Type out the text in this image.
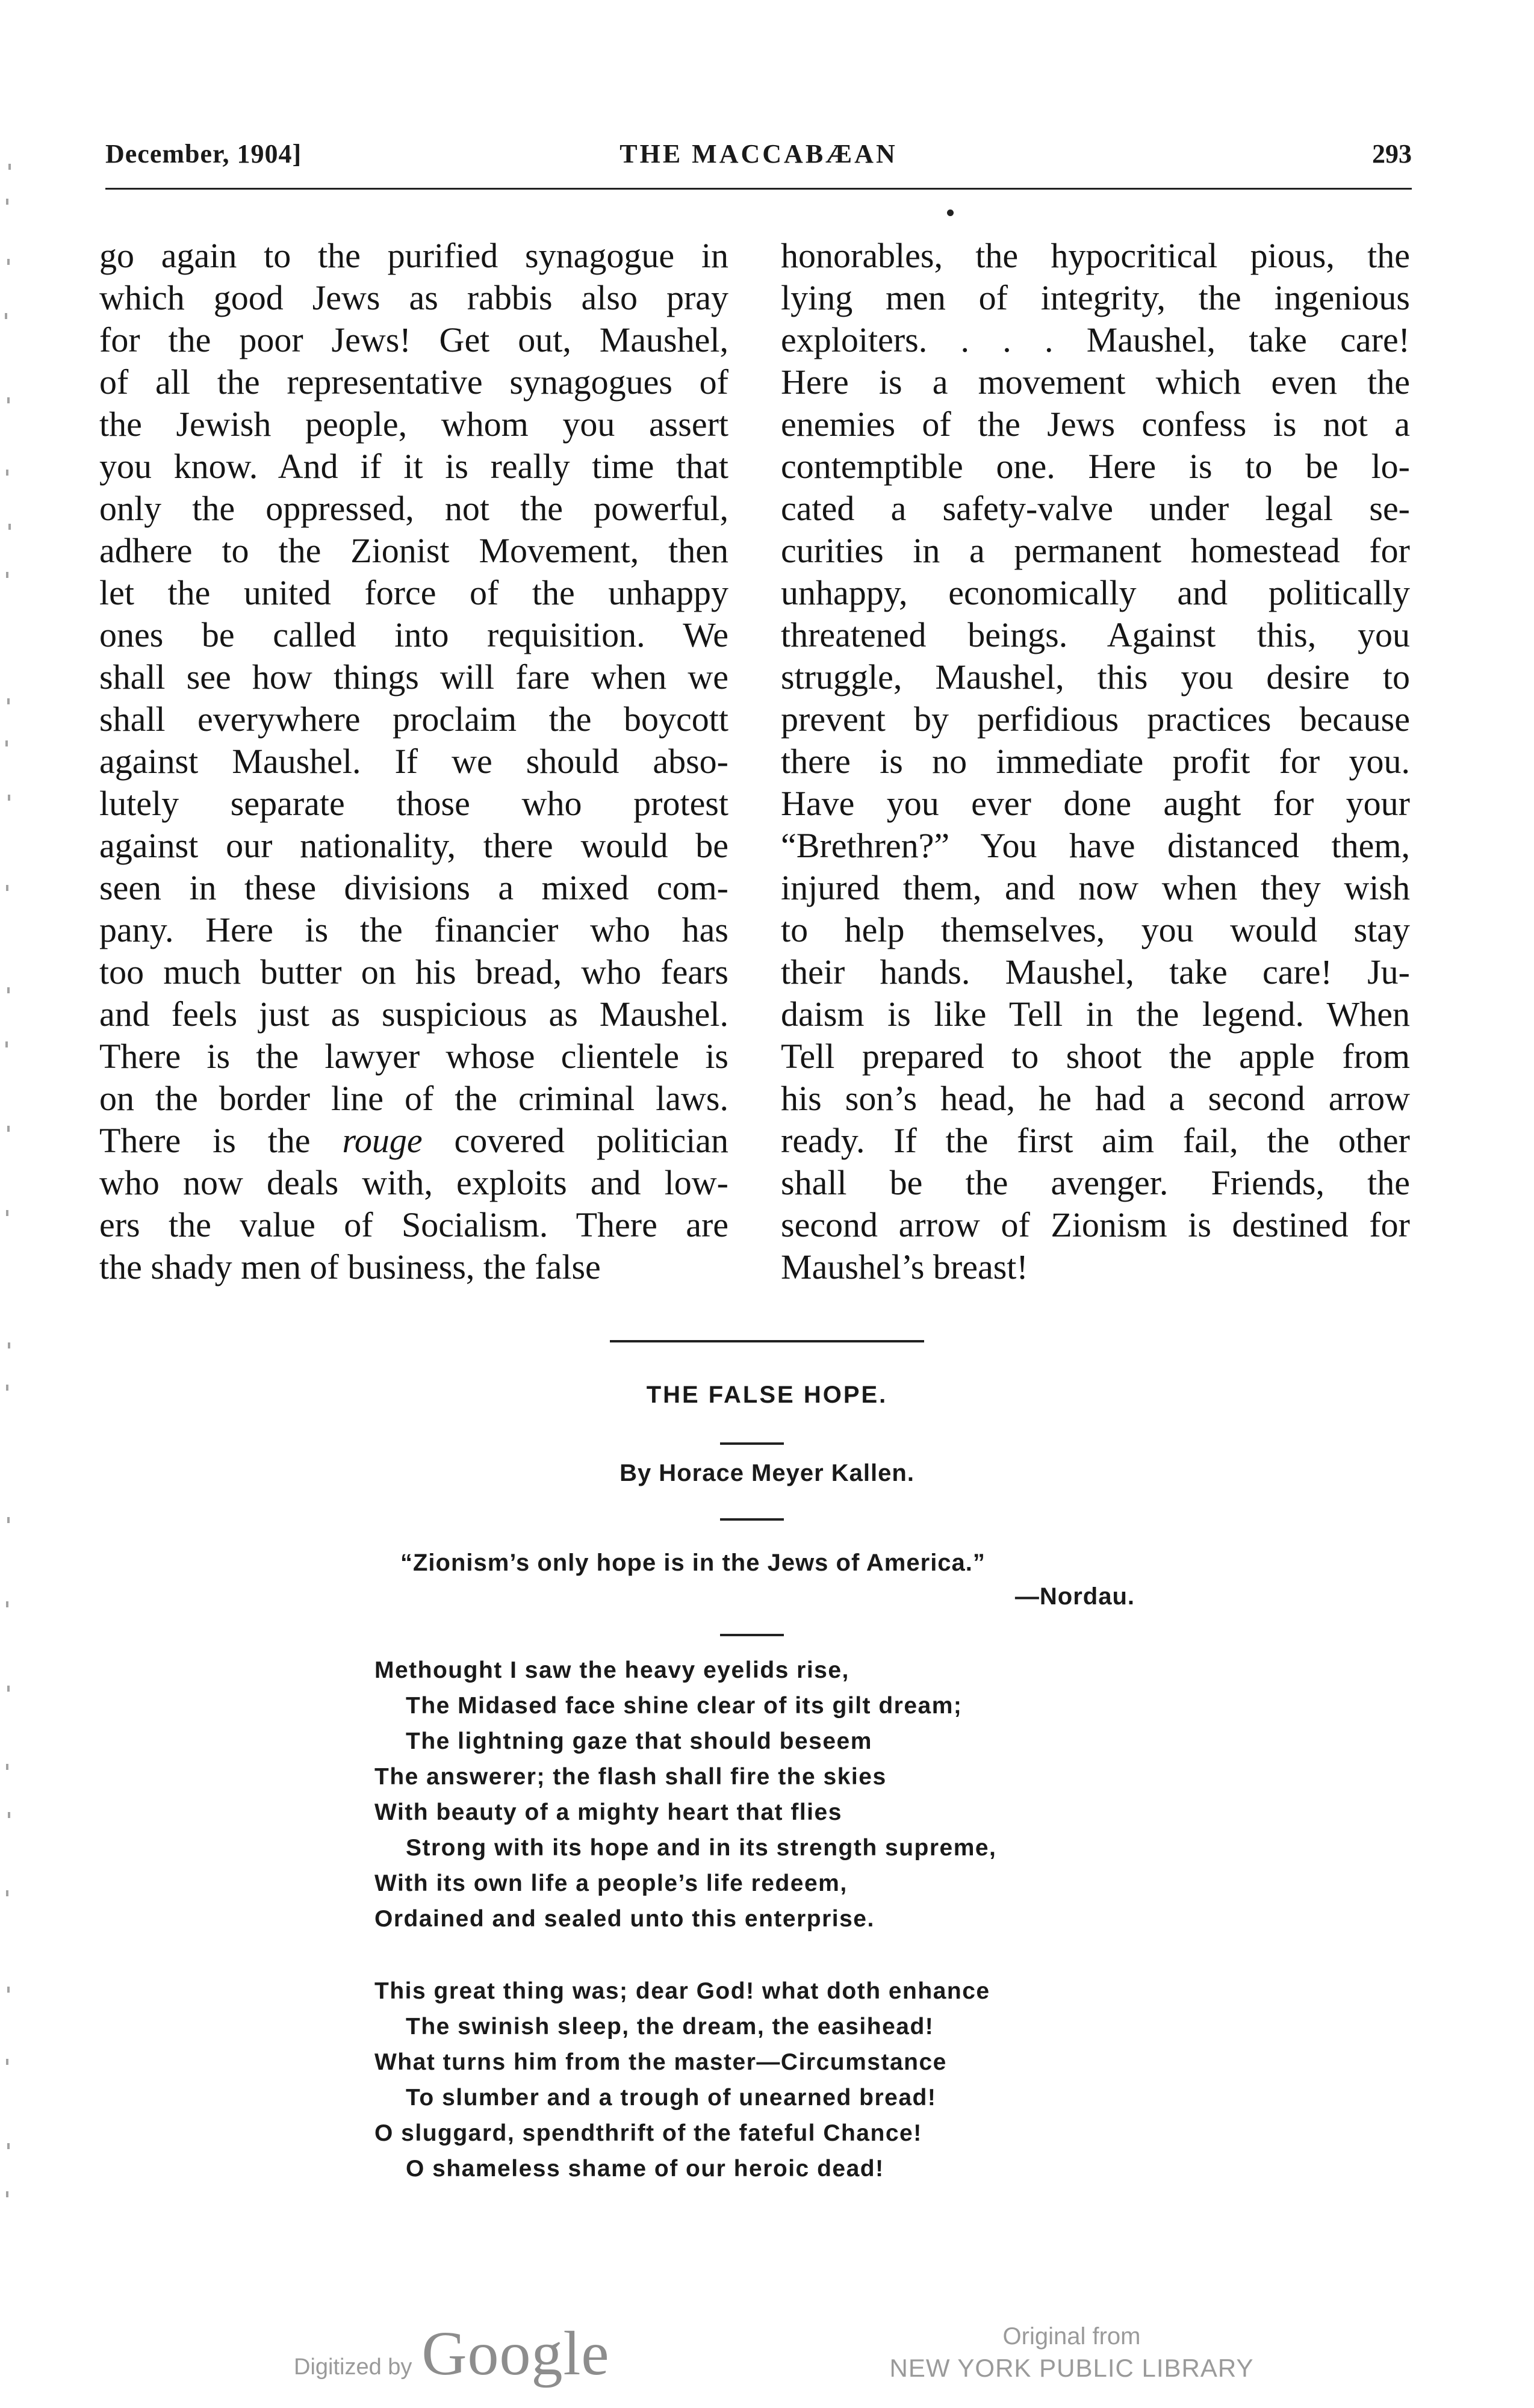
December, 1904]	THE MACCABÆAN	293
go again to the purified synagogue in
which good Jews as rabbis also pray
for the poor Jews! Get out, Maushel,
of all the representative synagogues of
the Jewish people, whom you assert
you know. And if it is really time that
only the oppressed, not the powerful,
adhere to the Zionist Movement, then
let the united force of the unhappy
ones be called into requisition. We
shall see how things will fare when we
shall everywhere proclaim the boycott
against Maushel. If we should abso-
lutely separate those who protest
against our nationality, there would be
seen in these divisions a mixed com-
pany. Here is the financier who has
too much butter on his bread, who fears
and feels just as suspicious as Maushel.
There is the lawyer whose clientele is
on the border line of the criminal laws.
There is the rouge covered politician
who now deals with, exploits and low-
ers the value of Socialism. There are
the shady men of business, the false
honorables, the hypocritical pious, the
lying men of integrity, the ingenious
exploiters. . . . Maushel, take care!
Here is a movement which even the
enemies of the Jews confess is not a
contemptible one. Here is to be lo-
cated a safety-valve under legal se-
curities in a permanent homestead for
unhappy, economically and politically
threatened beings. Against this, you
struggle, Maushel, this you desire to
prevent by perfidious practices because
there is no immediate profit for you.
Have you ever done aught for your
“Brethren?” You have distanced them,
injured them, and now when they wish
to help themselves, you would stay
their hands. Maushel, take care! Ju-
daism is like Tell in the legend. When
Tell prepared to shoot the apple from
his son’s head, he had a second arrow
ready. If the first aim fail, the other
shall be the avenger. Friends, the
second arrow of Zionism is destined for
Maushel’s breast!
THE FALSE HOPE.
By Horace Meyer Kallen.
“Zionism’s only hope is in the Jews of America.”
—Nordau.
Methought I saw the heavy eyelids rise,
The Midased face shine clear of its gilt dream;
The lightning gaze that should beseem
The answerer; the flash shall fire the skies
With beauty of a mighty heart that flies
Strong with its hope and in its strength supreme,
With its own life a people’s life redeem,
Ordained and sealed unto this enterprise.
This great thing was; dear God! what doth enhance
The swinish sleep, the dream, the easihead!
What turns him from the master—Circumstance
To slumber and a trough of unearned bread!
O sluggard, spendthrift of the fateful Chance!
O shameless shame of our heroic dead!
Digitized by Google	Original from
NEW YORK PUBLIC LIBRARY
